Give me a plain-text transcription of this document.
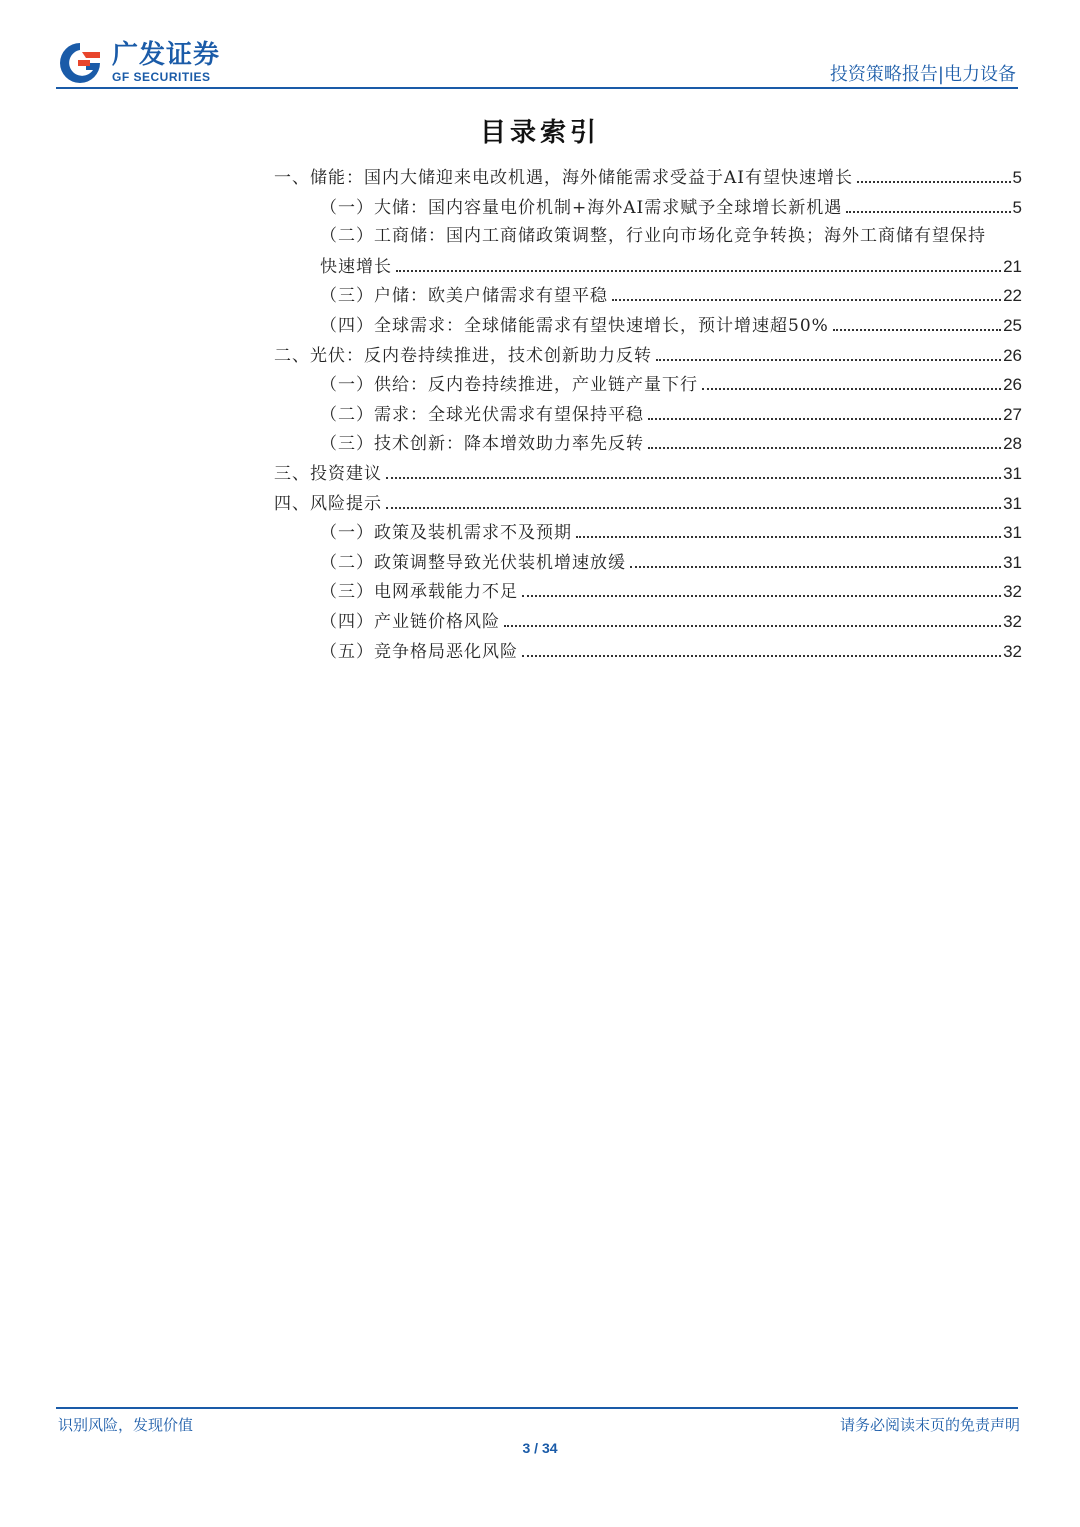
广发证券
GF SECURITIES	投资策略报告|电力设备
目录索引
一、储能：国内大储迎来电改机遇，海外储能需求受益于AI有望快速增长	5
（一）大储：国内容量电价机制+海外AI需求赋予全球增长新机遇	5
（二）工商储：国内工商储政策调整，行业向市场化竞争转换；海外工商储有望保持
快速增长	21
（三）户储：欧美户储需求有望平稳	22
（四）全球需求：全球储能需求有望快速增长，预计增速超50%	25
二、光伏：反内卷持续推进，技术创新助力反转	26
（一）供给：反内卷持续推进，产业链产量下行	26
（二）需求：全球光伏需求有望保持平稳	27
（三）技术创新：降本增效助力率先反转	28
三、投资建议	31
四、风险提示	31
（一）政策及装机需求不及预期	31
（二）政策调整导致光伏装机增速放缓	31
（三）电网承载能力不足	32
（四）产业链价格风险	32
（五）竞争格局恶化风险	32
识别风险，发现价值	请务必阅读末页的免责声明
3 / 34
